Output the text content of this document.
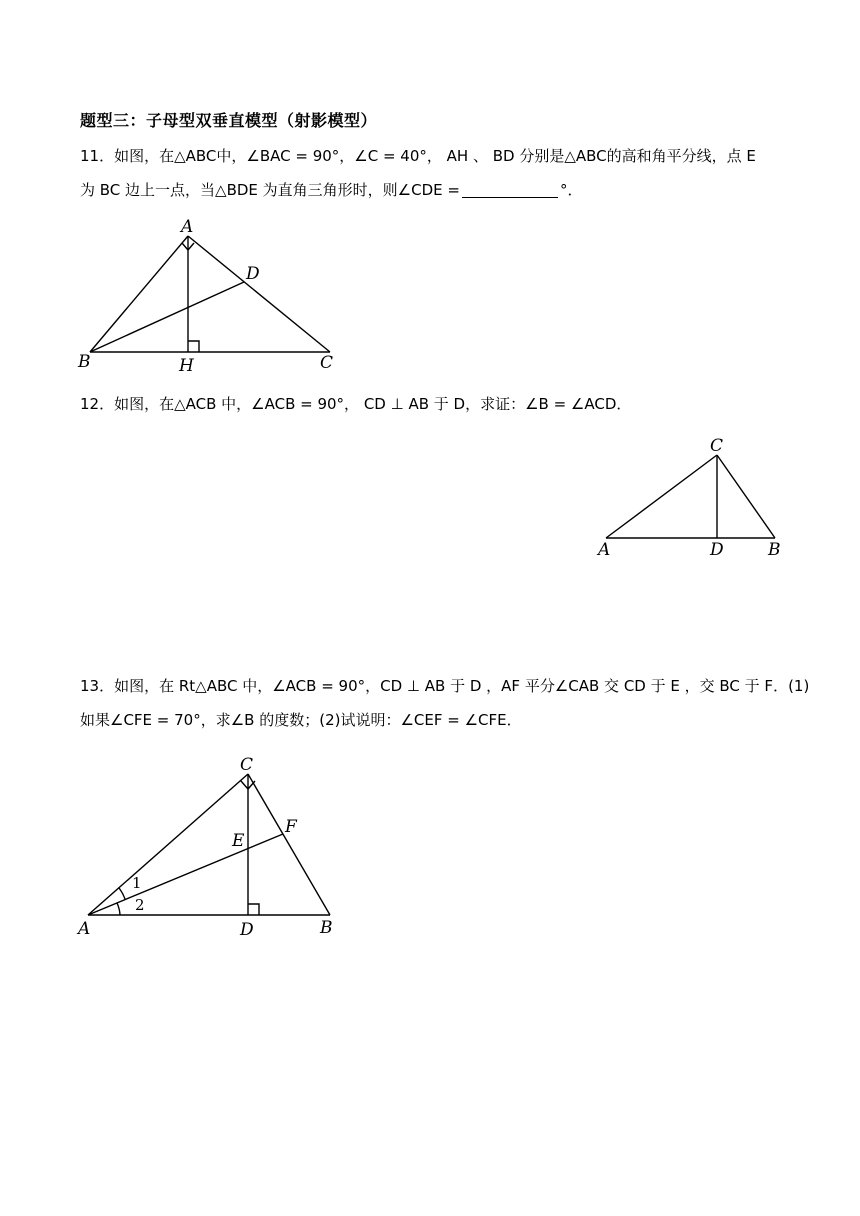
题型三：子母型双垂直模型（射影模型）
11．如图，在△ABC中，∠BAC = 90°，∠C = 40°， AH 、 BD 分别是△ABC的高和角平分线，点 E
为 BC 边上一点，当△BDE 为直角三角形时，则∠CDE =	°．
A
B	C
D
H
12．如图，在△ACB 中，∠ACB = 90°， CD ⊥ AB 于 D，求证：∠B = ∠ACD．
C
A	D	B
13．如图，在 Rt△ABC 中，∠ACB = 90°，CD ⊥ AB 于 D ，AF 平分∠CAB 交 CD 于 E ，交 BC 于 F．(1)
如果∠CFE = 70°，求∠B 的度数；(2)试说明：∠CEF = ∠CFE．
C
E
F
1
2
A	D	B
